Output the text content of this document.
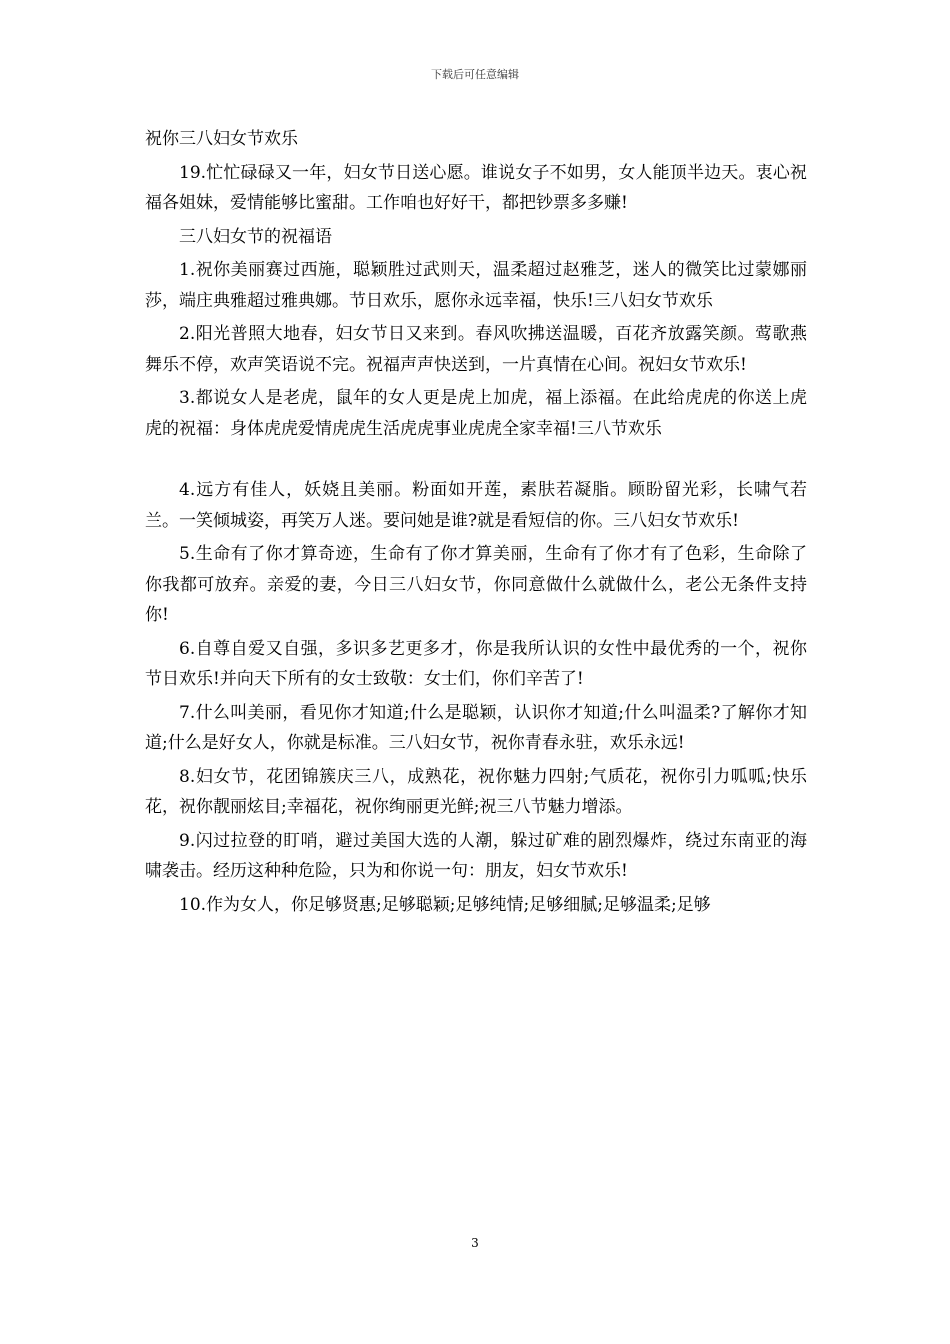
下载后可任意编辑

祝你三八妇女节欢乐

19.忙忙碌碌又一年，妇女节日送心愿。谁说女子不如男，女人能顶半边天。衷心祝福各姐妹，爱情能够比蜜甜。工作咱也好好干，都把钞票多多赚!

三八妇女节的祝福语

1.祝你美丽赛过西施，聪颖胜过武则天，温柔超过赵雅芝，迷人的微笑比过蒙娜丽莎，端庄典雅超过雅典娜。节日欢乐，愿你永远幸福，快乐!三八妇女节欢乐

2.阳光普照大地春，妇女节日又来到。春风吹拂送温暖，百花齐放露笑颜。莺歌燕舞乐不停，欢声笑语说不完。祝福声声快送到，一片真情在心间。祝妇女节欢乐!

3.都说女人是老虎，鼠年的女人更是虎上加虎，福上添福。在此给虎虎的你送上虎虎的祝福：身体虎虎爱情虎虎生活虎虎事业虎虎全家幸福!三八节欢乐

4.远方有佳人，妖娆且美丽。粉面如开莲，素肤若凝脂。顾盼留光彩，长啸气若兰。一笑倾城姿，再笑万人迷。要问她是谁?就是看短信的你。三八妇女节欢乐!

5.生命有了你才算奇迹，生命有了你才算美丽，生命有了你才有了色彩，生命除了你我都可放弃。亲爱的妻，今日三八妇女节，你同意做什么就做什么，老公无条件支持你!

6.自尊自爱又自强，多识多艺更多才，你是我所认识的女性中最优秀的一个，祝你节日欢乐!并向天下所有的女士致敬：女士们，你们辛苦了!

7.什么叫美丽，看见你才知道;什么是聪颖，认识你才知道;什么叫温柔?了解你才知道;什么是好女人，你就是标准。三八妇女节，祝你青春永驻，欢乐永远!

8.妇女节，花团锦簇庆三八，成熟花，祝你魅力四射;气质花，祝你引力呱呱;快乐花，祝你靓丽炫目;幸福花，祝你绚丽更光鲜;祝三八节魅力增添。

9.闪过拉登的盯哨，避过美国大选的人潮，躲过矿难的剧烈爆炸，绕过东南亚的海啸袭击。经历这种种危险，只为和你说一句：朋友，妇女节欢乐!

10.作为女人，你足够贤惠;足够聪颖;足够纯情;足够细腻;足够温柔;足够

3
